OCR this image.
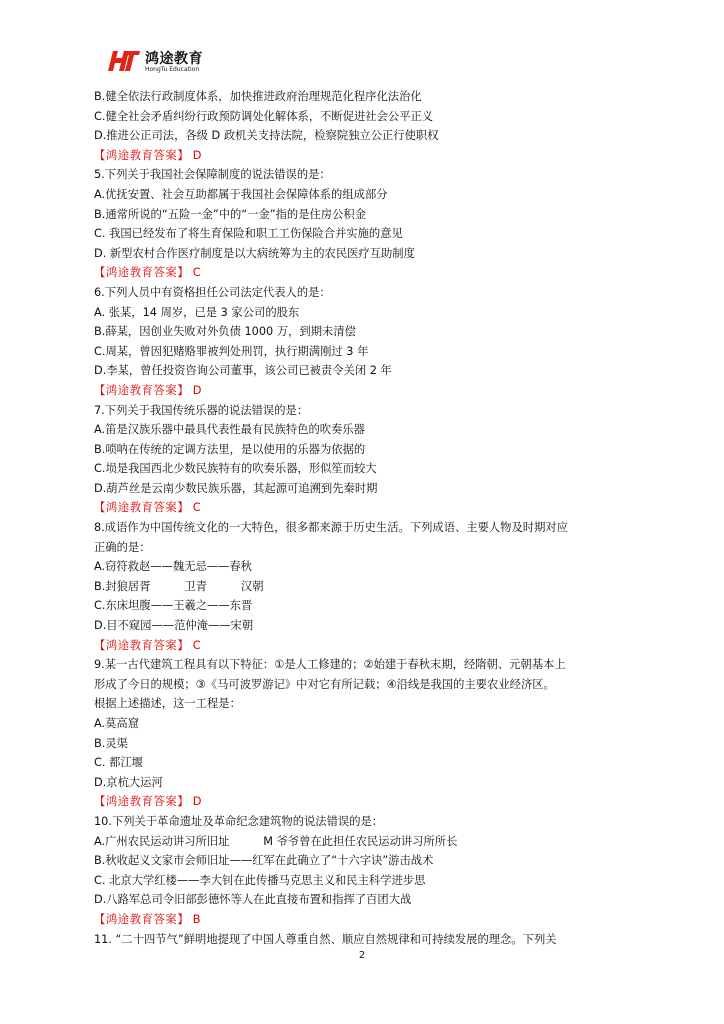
鸿途教育
HongTu Education
B.健全依法行政制度体系，加快推进政府治理规范化程序化法治化
C.健全社会矛盾纠纷行政预防调处化解体系，不断促进社会公平正义
D.推进公正司法，各级 D 政机关支持法院，检察院独立公正行使职权
【鸿途教育答案】 D
5.下列关于我国社会保障制度的说法错误的是：
A.优抚安置、社会互助都属于我国社会保障体系的组成部分
B.通常所说的“五险一金”中的“一金”指的是住房公积金
C. 我国已经发布了将生育保险和职工工伤保险合并实施的意见
D. 新型农村合作医疗制度是以大病统筹为主的农民医疗互助制度
【鸿途教育答案】 C
6.下列人员中有资格担任公司法定代表人的是：
A. 张某，14 周岁，已是 3 家公司的股东
B.薛某，因创业失败对外负债 1000 万，到期未清偿
C.周某，曾因犯赌赂罪被判处刑罚，执行期满刚过 3 年
D.李某，曾任投资咨询公司董事，该公司已被责令关闭 2 年
【鸿途教育答案】 D
7.下列关于我国传统乐器的说法错误的是：
A.笛是汉族乐器中最具代表性最有民族特色的吹奏乐器
B.唢呐在传统的定调方法里，是以使用的乐器为依据的
C.埙是我国西北少数民族特有的吹奏乐器，形似笙而较大
D.葫芦丝是云南少数民族乐器，其起源可追溯到先秦时期
【鸿途教育答案】 C
8.成语作为中国传统文化的一大特色，很多都来源于历史生活。下列成语、主要人物及时期对应
正确的是：
A.窃符救赵——魏无忌——春秋
B.封狼居胥　　　卫青　　　汉朝
C.东床坦腹——王羲之——东晋
D.目不窥园——范仲淹——宋朝
【鸿途教育答案】 C
9.某一古代建筑工程具有以下特征：①是人工修建的；②始建于春秋末期，经隋朝、元朝基本上
形成了今日的规模；③《马可波罗游记》中对它有所记载；④沿线是我国的主要农业经济区。
根据上述描述，这一工程是：
A.莫高窟
B.灵渠
C. 都江堰
D.京杭大运河
【鸿途教育答案】 D
10.下列关于革命遗址及革命纪念建筑物的说法错误的是：
A.广州农民运动讲习所旧址　　　M 爷爷曾在此担任农民运动讲习所所长
B.秋收起义文家市会师旧址——红军在此确立了“十六字诀”游击战术
C. 北京大学红楼——李大钊在此传播马克思主义和民主科学进步思
D.八路军总司令旧部彭德怀等人在此直接布置和指挥了百团大战
【鸿途教育答案】 B
11. “二十四节气”鲜明地提现了中国人尊重自然、顺应自然规律和可持续发展的理念。下列关
2
